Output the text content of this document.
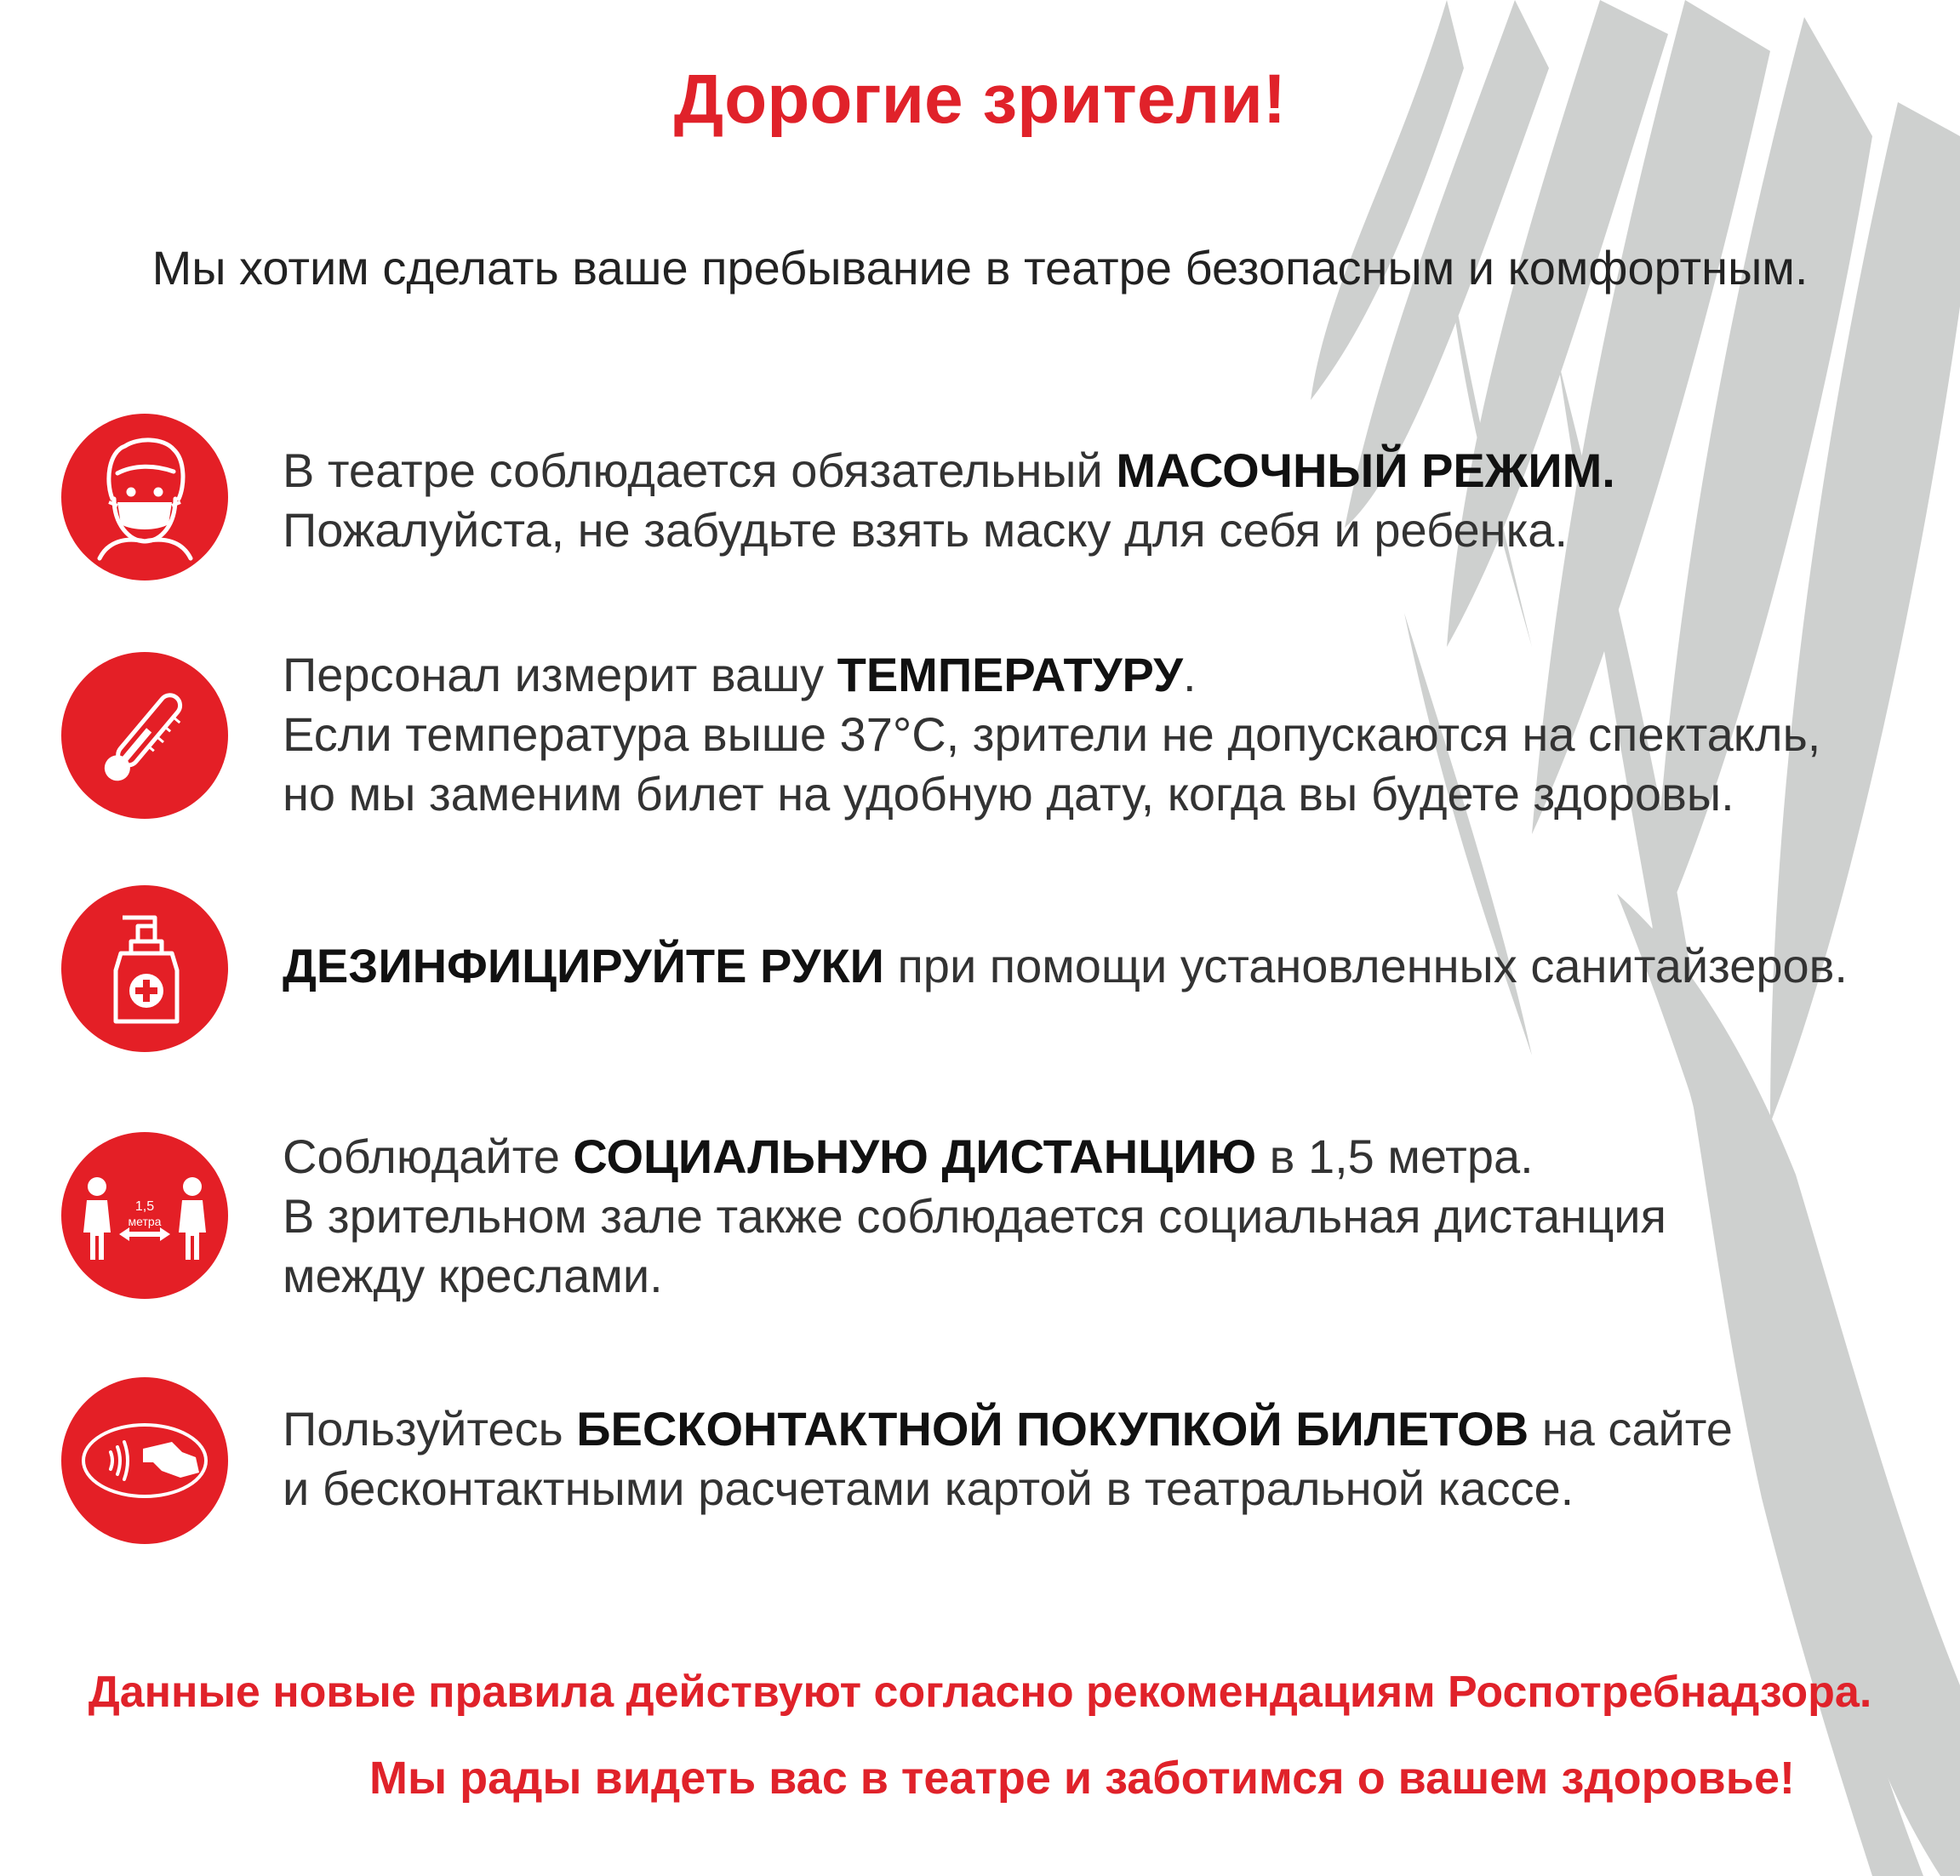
Дорогие зрители!

Мы хотим сделать ваше пребывание в театре безопасным и комфортным.

В театре соблюдается обязательный МАСОЧНЫЙ РЕЖИМ.

Пожалуйста, не забудьте взять маску для себя и ребенка.

Персонал измерит вашу ТЕМПЕРАТУРУ.

Если температура выше 37°С, зрители не допускаются на спектакль,

но мы заменим билет на удобную дату, когда вы будете здоровы.

ДЕЗИНФИЦИРУЙТЕ РУКИ при помощи установленных санитайзеров.

1,5
метра

Соблюдайте СОЦИАЛЬНУЮ ДИСТАНЦИЮ в 1,5 метра.

В зрительном зале также соблюдается социальная дистанция

между креслами.

Пользуйтесь БЕСКОНТАКТНОЙ ПОКУПКОЙ БИЛЕТОВ на сайте

и бесконтактными расчетами картой в театральной кассе.

Данные новые правила действуют согласно рекомендациям Роспотребнадзора.

Мы рады видеть вас в театре и заботимся о вашем здоровье!
